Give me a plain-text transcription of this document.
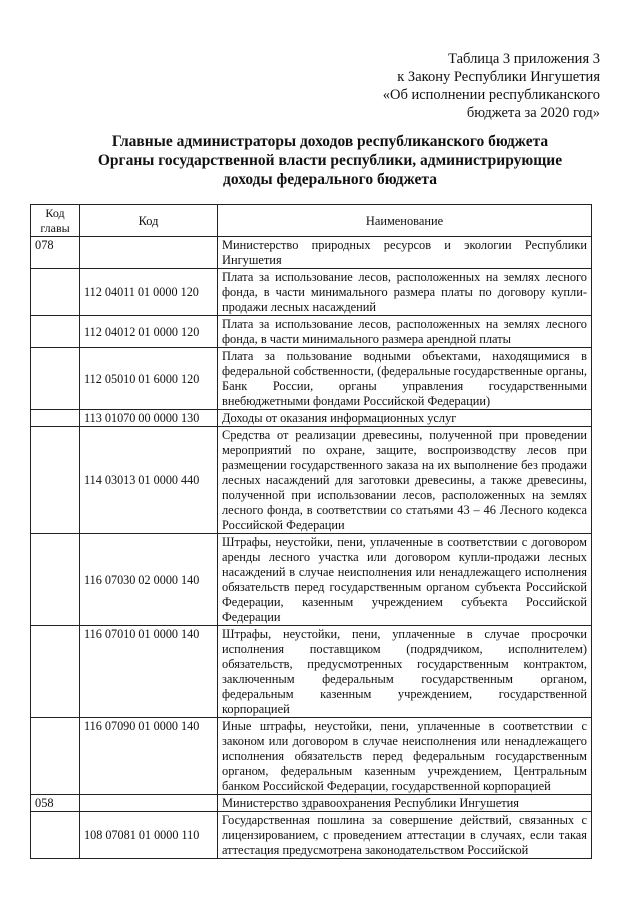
Таблица 3 приложения 3
к Закону Республики Ингушетия
«Об исполнении республиканского
бюджета за 2020 год»
Главные администраторы доходов республиканского бюджета
Органы государственной власти республики, администрирующие
доходы федерального бюджета
Код главы	Код	Наименование
078		Министерство природных ресурсов и экологии Республики Ингушетия
	112 04011 01 0000 120	Плата за использование лесов, расположенных на землях лесного фонда, в части минимального размера платы по договору купли-продажи лесных насаждений
	112 04012 01 0000 120	Плата за использование лесов, расположенных на землях лесного фонда, в части минимального размера арендной платы
	112 05010 01 6000 120	Плата за пользование водными объектами, находящимися в федеральной собственности, (федеральные государственные органы, Банк России, органы управления государственными внебюджетными фондами Российской Федерации)
	113 01070 00 0000 130	Доходы от оказания информационных услуг
	114 03013 01 0000 440	Средства от реализации древесины, полученной при проведении мероприятий по охране, защите, воспроизводству лесов при размещении государственного заказа на их выполнение без продажи лесных насаждений для заготовки древесины, а также древесины, полученной при использовании лесов, расположенных на землях лесного фонда, в соответствии со статьями 43 – 46 Лесного кодекса Российской Федерации
	116 07030 02 0000 140	Штрафы, неустойки, пени, уплаченные в соответствии с договором аренды лесного участка или договором купли-продажи лесных насаждений в случае неисполнения или ненадлежащего исполнения обязательств перед государственным органом субъекта Российской Федерации, казенным учреждением субъекта Российской Федерации
	116 07010 01 0000 140	Штрафы, неустойки, пени, уплаченные в случае просрочки исполнения поставщиком (подрядчиком, исполнителем) обязательств, предусмотренных государственным контрактом, заключенным федеральным государственным органом, федеральным казенным учреждением, государственной корпорацией
	116 07090 01 0000 140	Иные штрафы, неустойки, пени, уплаченные в соответствии с законом или договором в случае неисполнения или ненадлежащего исполнения обязательств перед федеральным государственным органом, федеральным казенным учреждением, Центральным банком Российской Федерации, государственной корпорацией
058		Министерство здравоохранения Республики Ингушетия
	108 07081 01 0000 110	Государственная пошлина за совершение действий, связанных с лицензированием, с проведением аттестации в случаях, если такая аттестация предусмотрена законодательством Российской
